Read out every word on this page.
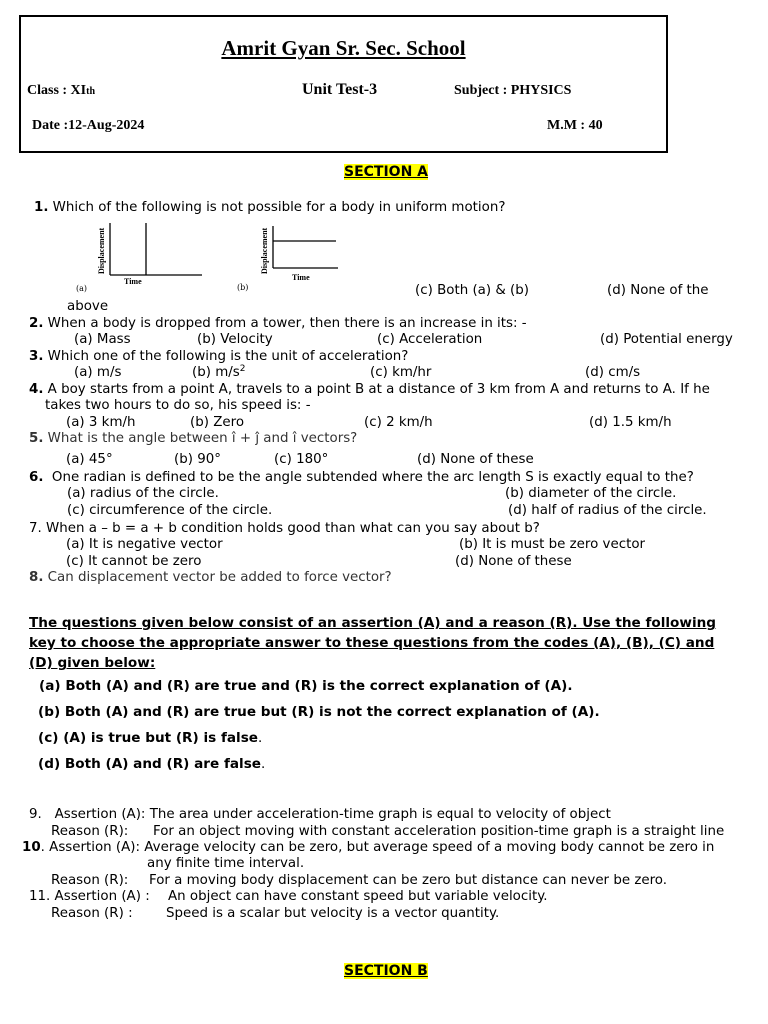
Amrit Gyan Sr. Sec. School
Class : XIth	Unit Test-3	Subject : PHYSICS
Date :12-Aug-2024	M.M : 40
SECTION A
1. Which of the following is not possible for a body in uniform motion?
Displacement
Time
(a)
Displacement
Time
(b)	(c) Both (a) & (b)	(d) None of the
above
2. When a body is dropped from a tower, then there is an increase in its: -
(a) Mass	(b) Velocity	(c) Acceleration	(d) Potential energy
3. Which one of the following is the unit of acceleration?
(a) m/s	(b) $m/s^2$	(c) km/hr	(d) cm/s
4. A boy starts from a point A, travels to a point B at a distance of 3 km from A and returns to A. If he
takes two hours to do so, his speed is: -
(a) 3 km/h	(b) Zero	(c) 2 km/h	(d) 1.5 km/h
5. What is the angle between î + ĵ and î vectors?
(a) 45°	(b) 90°	(c) 180°	(d) None of these
6. One radian is defined to be the angle subtended where the arc length S is exactly equal to the?
(a) radius of the circle.	(b) diameter of the circle.
(c) circumference of the circle.	(d) half of radius of the circle.
7. When a – b = a + b condition holds good than what can you say about b?
(a) It is negative vector	(b) It is must be zero vector
(c) It cannot be zero	(d) None of these
8. Can displacement vector be added to force vector?
The questions given below consist of an assertion (A) and a reason (R). Use the following key to choose the appropriate answer to these questions from the codes (A), (B), (C) and (D) given below:
(a) Both (A) and (R) are true and (R) is the correct explanation of (A).
(b) Both (A) and (R) are true but (R) is not the correct explanation of (A).
(c) (A) is true but (R) is false.
(d) Both (A) and (R) are false.
9.   Assertion (A): The area under acceleration-time graph is equal to velocity of object
Reason (R): For an object moving with constant acceleration position-time graph is a straight line
10. Assertion (A): Average velocity can be zero, but average speed of a moving body cannot be zero in
any finite time interval.
Reason (R): For a moving body displacement can be zero but distance can never be zero.
11. Assertion (A) : An object can have constant speed but variable velocity.
Reason (R) : Speed is a scalar but velocity is a vector quantity.
SECTION B
